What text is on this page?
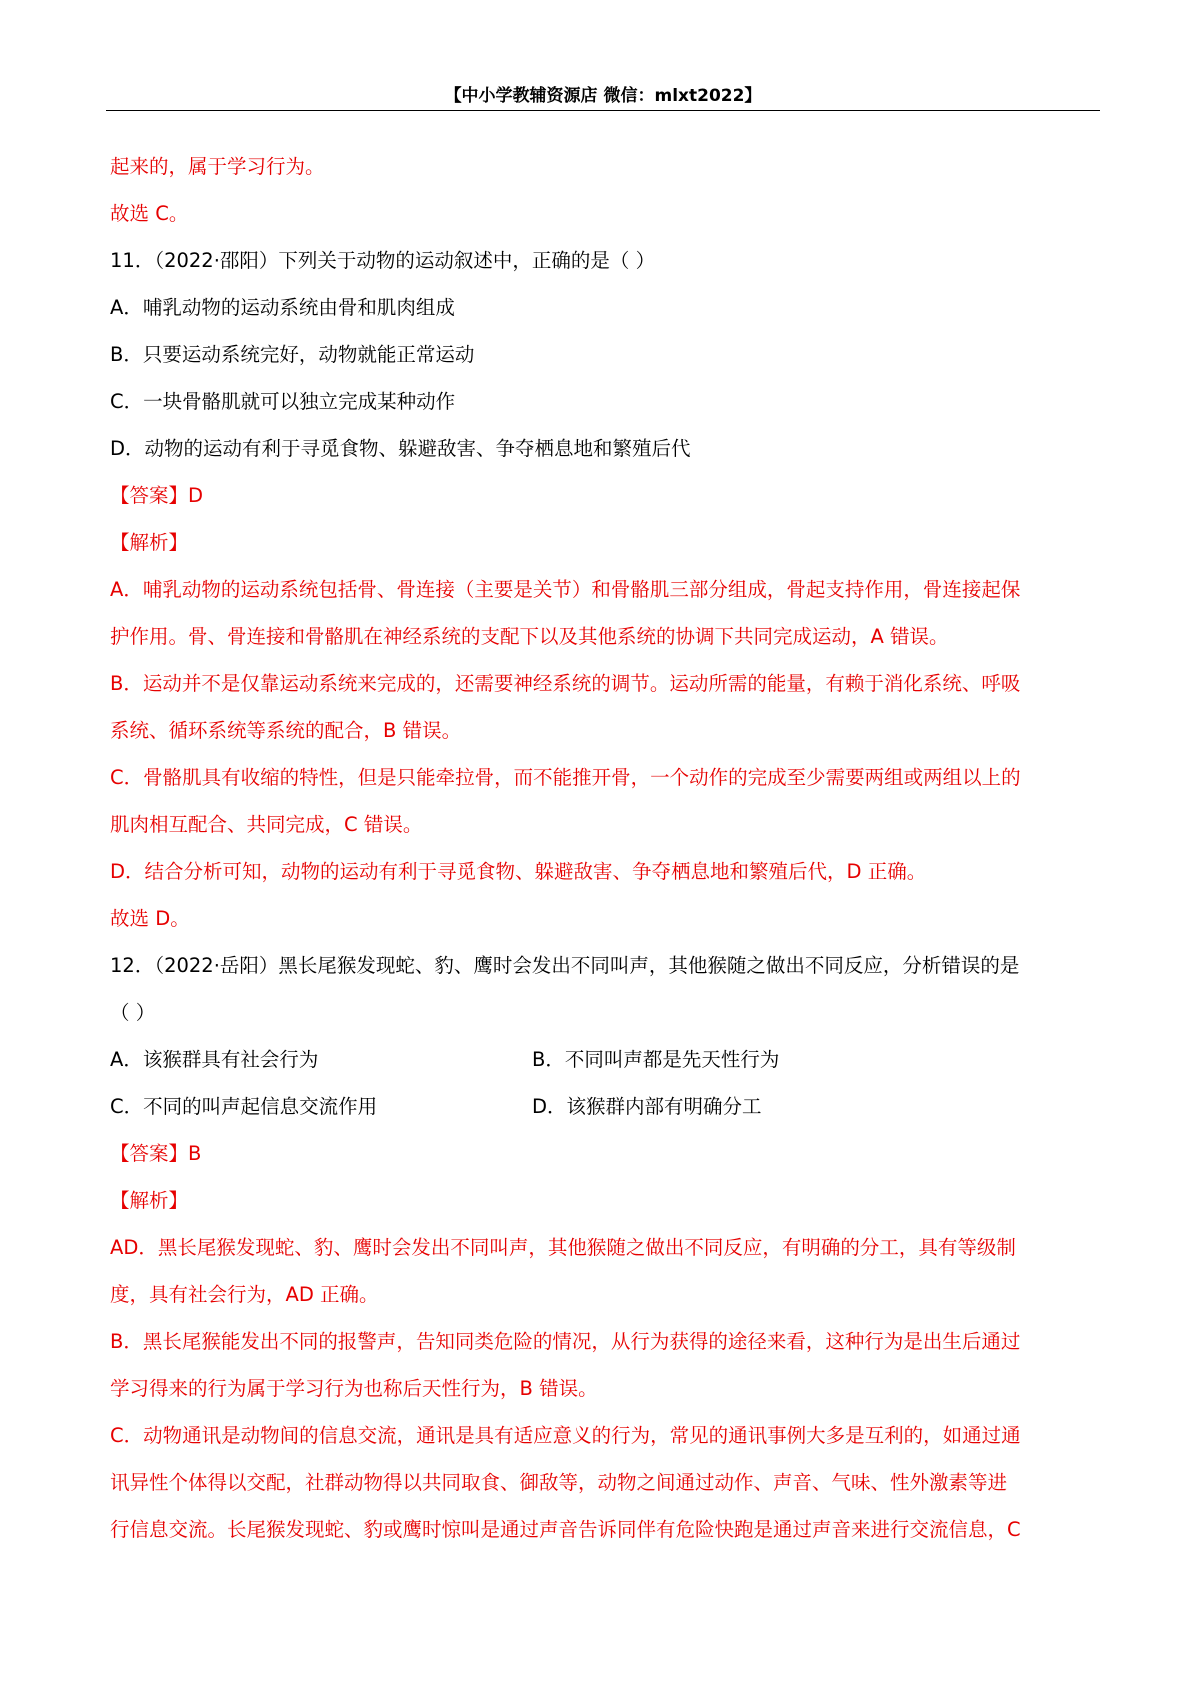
【中小学教辅资源店 微信：mlxt2022】
起来的，属于学习行为。
故选 C。
11．（2022·邵阳）下列关于动物的运动叙述中，正确的是（ ）
A．哺乳动物的运动系统由骨和肌肉组成
B．只要运动系统完好，动物就能正常运动
C．一块骨骼肌就可以独立完成某种动作
D．动物的运动有利于寻觅食物、躲避敌害、争夺栖息地和繁殖后代
【答案】D
【解析】
A．哺乳动物的运动系统包括骨、骨连接（主要是关节）和骨骼肌三部分组成，骨起支持作用，骨连接起保
护作用。骨、骨连接和骨骼肌在神经系统的支配下以及其他系统的协调下共同完成运动，A 错误。
B．运动并不是仅靠运动系统来完成的，还需要神经系统的调节。运动所需的能量，有赖于消化系统、呼吸
系统、循环系统等系统的配合，B 错误。
C．骨骼肌具有收缩的特性，但是只能牵拉骨，而不能推开骨，一个动作的完成至少需要两组或两组以上的
肌肉相互配合、共同完成，C 错误。
D．结合分析可知，动物的运动有利于寻觅食物、躲避敌害、争夺栖息地和繁殖后代，D 正确。
故选 D。
12．（2022·岳阳）黑长尾猴发现蛇、豹、鹰时会发出不同叫声，其他猴随之做出不同反应，分析错误的是
（ ）
A．该猴群具有社会行为	B．不同叫声都是先天性行为
C．不同的叫声起信息交流作用	D．该猴群内部有明确分工
【答案】B
【解析】
AD．黑长尾猴发现蛇、豹、鹰时会发出不同叫声，其他猴随之做出不同反应，有明确的分工，具有等级制
度，具有社会行为，AD 正确。
B．黑长尾猴能发出不同的报警声，告知同类危险的情况，从行为获得的途径来看，这种行为是出生后通过
学习得来的行为属于学习行为也称后天性行为，B 错误。
C．动物通讯是动物间的信息交流，通讯是具有适应意义的行为，常见的通讯事例大多是互利的，如通过通
讯异性个体得以交配，社群动物得以共同取食、御敌等，动物之间通过动作、声音、气味、性外激素等进
行信息交流。长尾猴发现蛇、豹或鹰时惊叫是通过声音告诉同伴有危险快跑是通过声音来进行交流信息，C
